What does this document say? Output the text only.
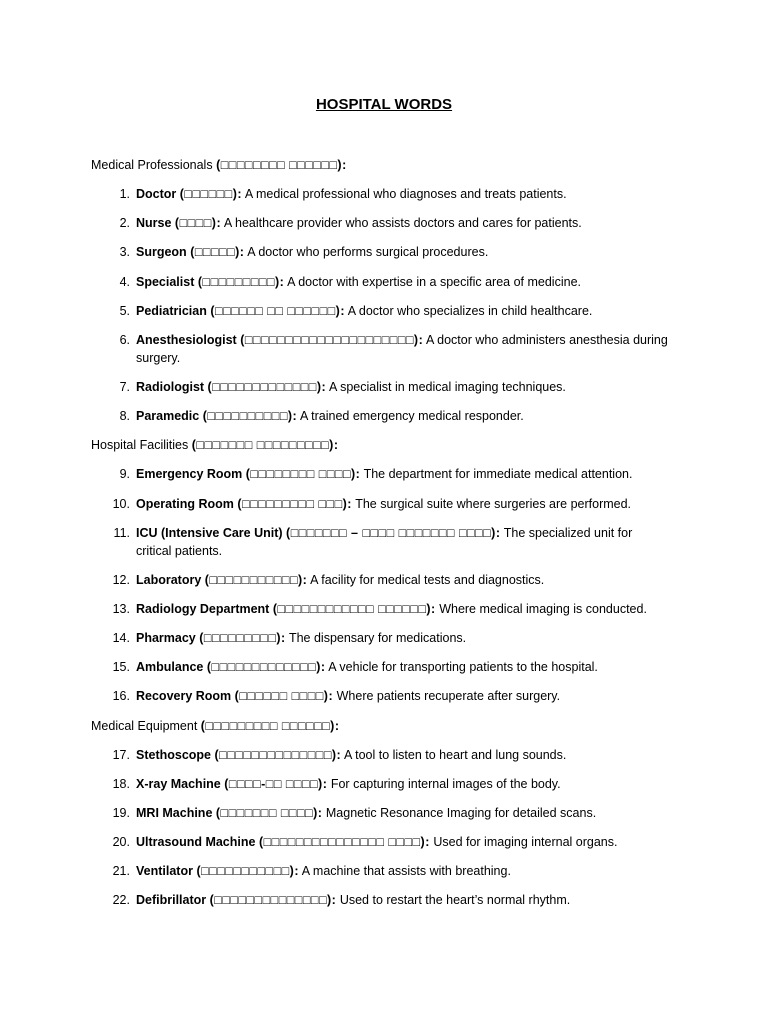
HOSPITAL WORDS
Medical Professionals (□□□□□□□□ □□□□□□):
1. Doctor (□□□□□□): A medical professional who diagnoses and treats patients.
2. Nurse (□□□□): A healthcare provider who assists doctors and cares for patients.
3. Surgeon (□□□□□): A doctor who performs surgical procedures.
4. Specialist (□□□□□□□□□): A doctor with expertise in a specific area of medicine.
5. Pediatrician (□□□□□□ □□ □□□□□□): A doctor who specializes in child healthcare.
6. Anesthesiologist (□□□□□□□□□□□□□□□□□□□□□): A doctor who administers anesthesia during surgery.
7. Radiologist (□□□□□□□□□□□□□): A specialist in medical imaging techniques.
8. Paramedic (□□□□□□□□□□): A trained emergency medical responder.
Hospital Facilities (□□□□□□□ □□□□□□□□□):
9. Emergency Room (□□□□□□□□ □□□□): The department for immediate medical attention.
10. Operating Room (□□□□□□□□□ □□□): The surgical suite where surgeries are performed.
11. ICU (Intensive Care Unit) (□□□□□□□ – □□□□ □□□□□□□ □□□□): The specialized unit for critical patients.
12. Laboratory (□□□□□□□□□□□): A facility for medical tests and diagnostics.
13. Radiology Department (□□□□□□□□□□□□ □□□□□□): Where medical imaging is conducted.
14. Pharmacy (□□□□□□□□□): The dispensary for medications.
15. Ambulance (□□□□□□□□□□□□□): A vehicle for transporting patients to the hospital.
16. Recovery Room (□□□□□□ □□□□): Where patients recuperate after surgery.
Medical Equipment (□□□□□□□□□ □□□□□□):
17. Stethoscope (□□□□□□□□□□□□□□): A tool to listen to heart and lung sounds.
18. X-ray Machine (□□□□-□□ □□□□): For capturing internal images of the body.
19. MRI Machine (□□□□□□□ □□□□): Magnetic Resonance Imaging for detailed scans.
20. Ultrasound Machine (□□□□□□□□□□□□□□□ □□□□): Used for imaging internal organs.
21. Ventilator (□□□□□□□□□□□): A machine that assists with breathing.
22. Defibrillator (□□□□□□□□□□□□□□): Used to restart the heart’s normal rhythm.
